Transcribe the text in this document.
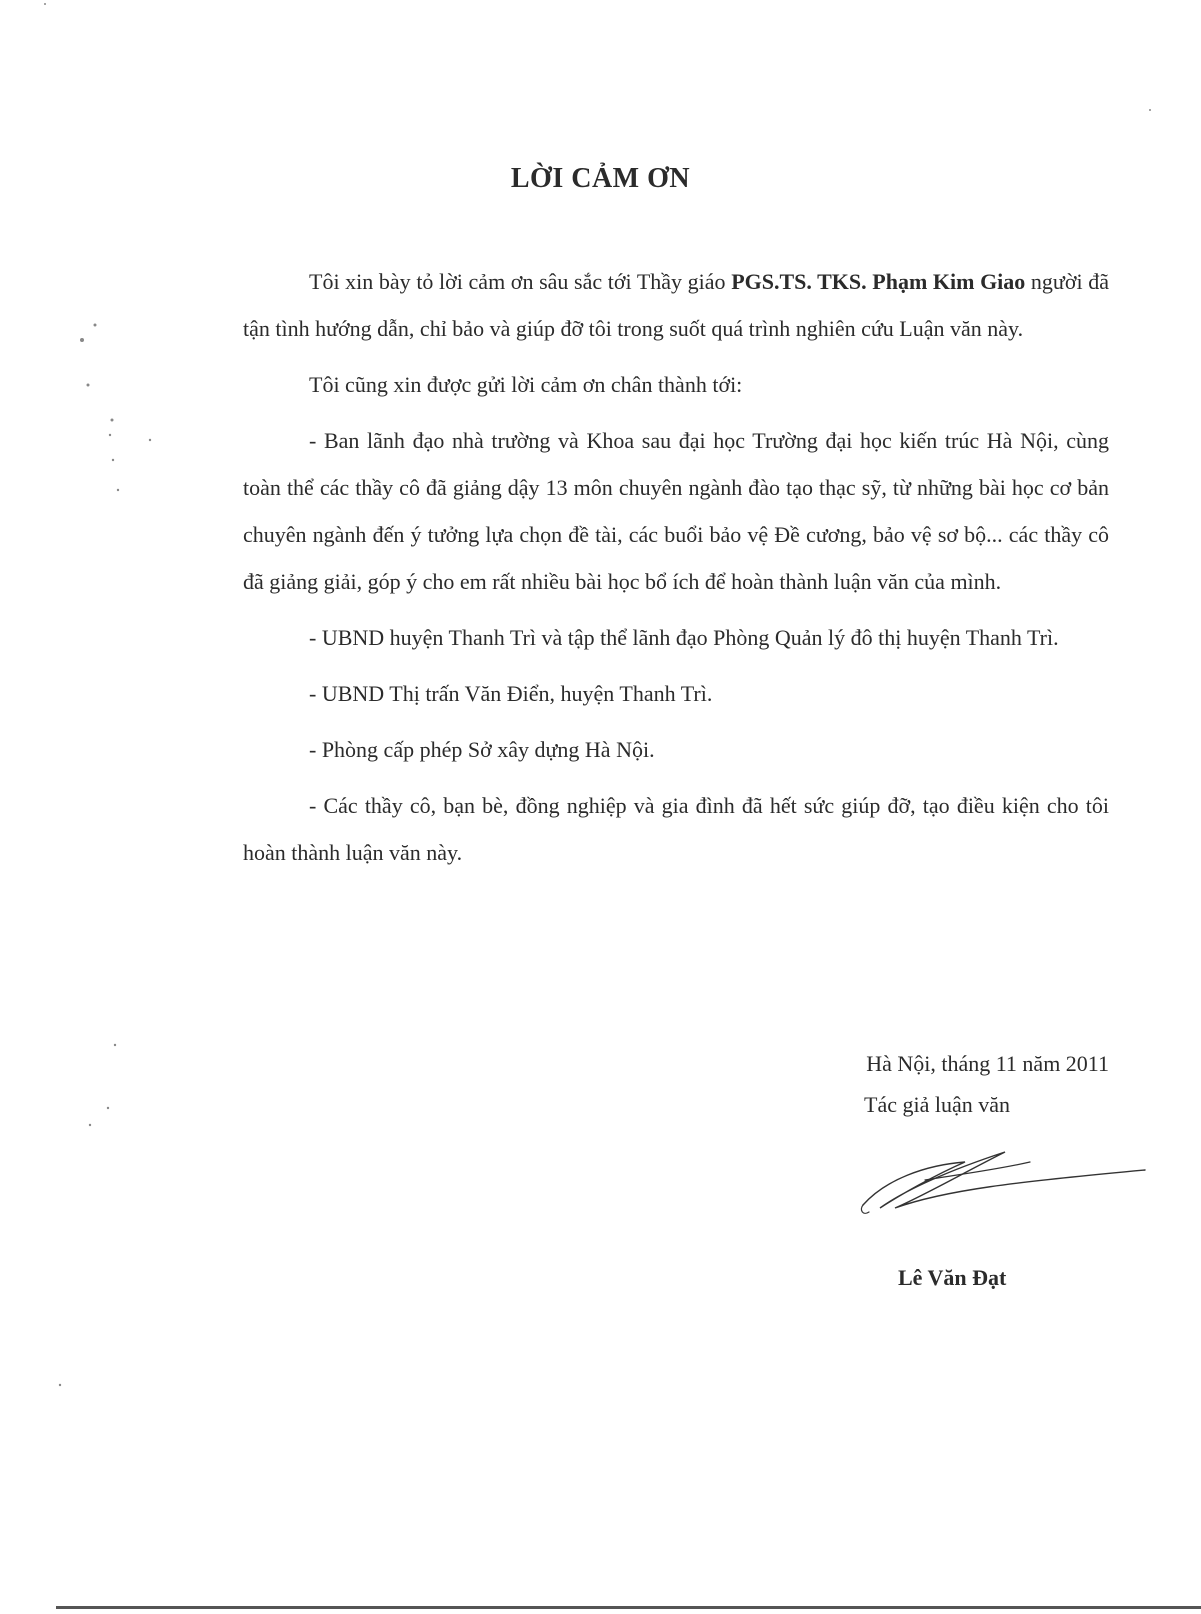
LỜI CẢM ƠN

Tôi xin bày tỏ lời cảm ơn sâu sắc tới Thầy giáo PGS.TS. TKS. Phạm Kim Giao người đã tận tình hướng dẫn, chỉ bảo và giúp đỡ tôi trong suốt quá trình nghiên cứu Luận văn này.

Tôi cũng xin được gửi lời cảm ơn chân thành tới:

- Ban lãnh đạo nhà trường và Khoa sau đại học Trường đại học kiến trúc Hà Nội, cùng toàn thể các thầy cô đã giảng dậy 13 môn chuyên ngành đào tạo thạc sỹ, từ những bài học cơ bản chuyên ngành đến ý tưởng lựa chọn đề tài, các buổi bảo vệ Đề cương, bảo vệ sơ bộ... các thầy cô đã giảng giải, góp ý cho em rất nhiều bài học bổ ích để hoàn thành luận văn của mình.

- UBND huyện Thanh Trì và tập thể lãnh đạo Phòng Quản lý đô thị huyện Thanh Trì.

- UBND Thị trấn Văn Điển, huyện Thanh Trì.

- Phòng cấp phép Sở xây dựng Hà Nội.

- Các thầy cô, bạn bè, đồng nghiệp và gia đình đã hết sức giúp đỡ, tạo điều kiện cho tôi hoàn thành luận văn này.

Hà Nội, tháng 11 năm 2011
Tác giả luận văn
Lê Văn Đạt
